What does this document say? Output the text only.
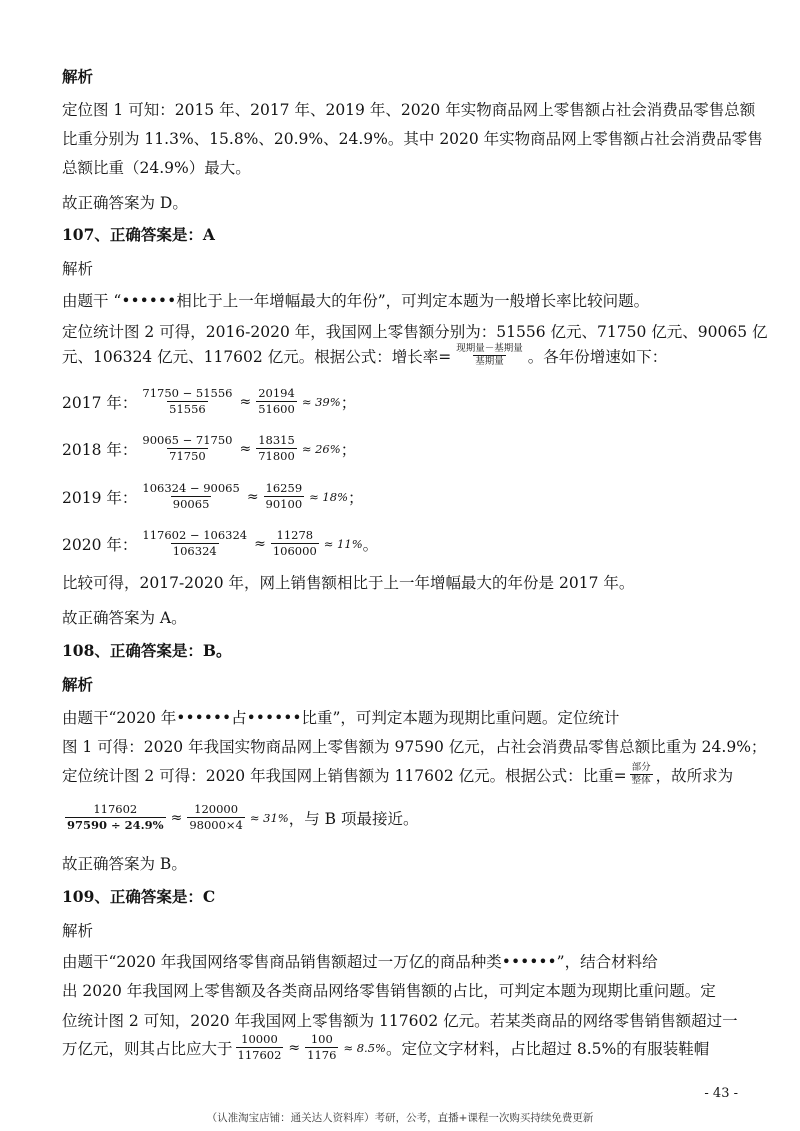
解析
定位图 1 可知：2015 年、2017 年、2019 年、2020 年实物商品网上零售额占社会消费品零售总额
比重分别为 11.3%、15.8%、20.9%、24.9%。其中 2020 年实物商品网上零售额占社会消费品零售
总额比重（24.9%）最大。
故正确答案为 D。
107、正确答案是：A
解析
由题干 “••••••相比于上一年增幅最大的年份”，可判定本题为一般增长率比较问题。
定位统计图 2 可得，2016-2020 年，我国网上零售额分别为：51556 亿元、71750 亿元、90065 亿
元、106324 亿元、117602 亿元。根据公式：增长率= $\frac{\text{现期量－基期量}}{\text{基期量}}$ 。各年份增速如下：
2017 年： $\frac{71750 - 51556}{51556} \approx \frac{20194}{51600} \approx 39\%$ ；
2018 年： $\frac{90065 - 71750}{71750} \approx \frac{18315}{71800} \approx 26\%$ ；
2019 年： $\frac{106324 - 90065}{90065} \approx \frac{16259}{90100} \approx 18\%$ ；
2020 年： $\frac{117602 - 106324}{106324} \approx \frac{11278}{106000} \approx 11\%$ 。
比较可得，2017-2020 年，网上销售额相比于上一年增幅最大的年份是 2017 年。
故正确答案为 A。
108、正确答案是：B。
解析
由题干“2020 年••••••占••••••比重”，可判定本题为现期比重问题。定位统计
图 1 可得：2020 年我国实物商品网上零售额为 97590 亿元，占社会消费品零售总额比重为 24.9%；
定位统计图 2 可得：2020 年我国网上销售额为 117602 亿元。根据公式：比重= $\frac{\text{部分}}{\text{整体}}$ ，故所求为
$\frac{117602}{97590 \div 24.9\%} \approx \frac{120000}{98000\times 4} \approx 31\%$ ，与 B 项最接近。
故正确答案为 B。
109、正确答案是：C
解析
由题干“2020 年我国网络零售商品销售额超过一万亿的商品种类••••••”，结合材料给
出 2020 年我国网上零售额及各类商品网络零售销售额的占比，可判定本题为现期比重问题。定
位统计图 2 可知，2020 年我国网上零售额为 117602 亿元。若某类商品的网络零售销售额超过一
万亿元，则其占比应大于 $\frac{10000}{117602} \approx \frac{100}{1176} \approx 8.5\%$ 。定位文字材料，占比超过 8.5%的有服装鞋帽
- 43 -
（认准淘宝店铺：通关达人资料库）考研，公考，直播+课程一次购买持续免费更新
